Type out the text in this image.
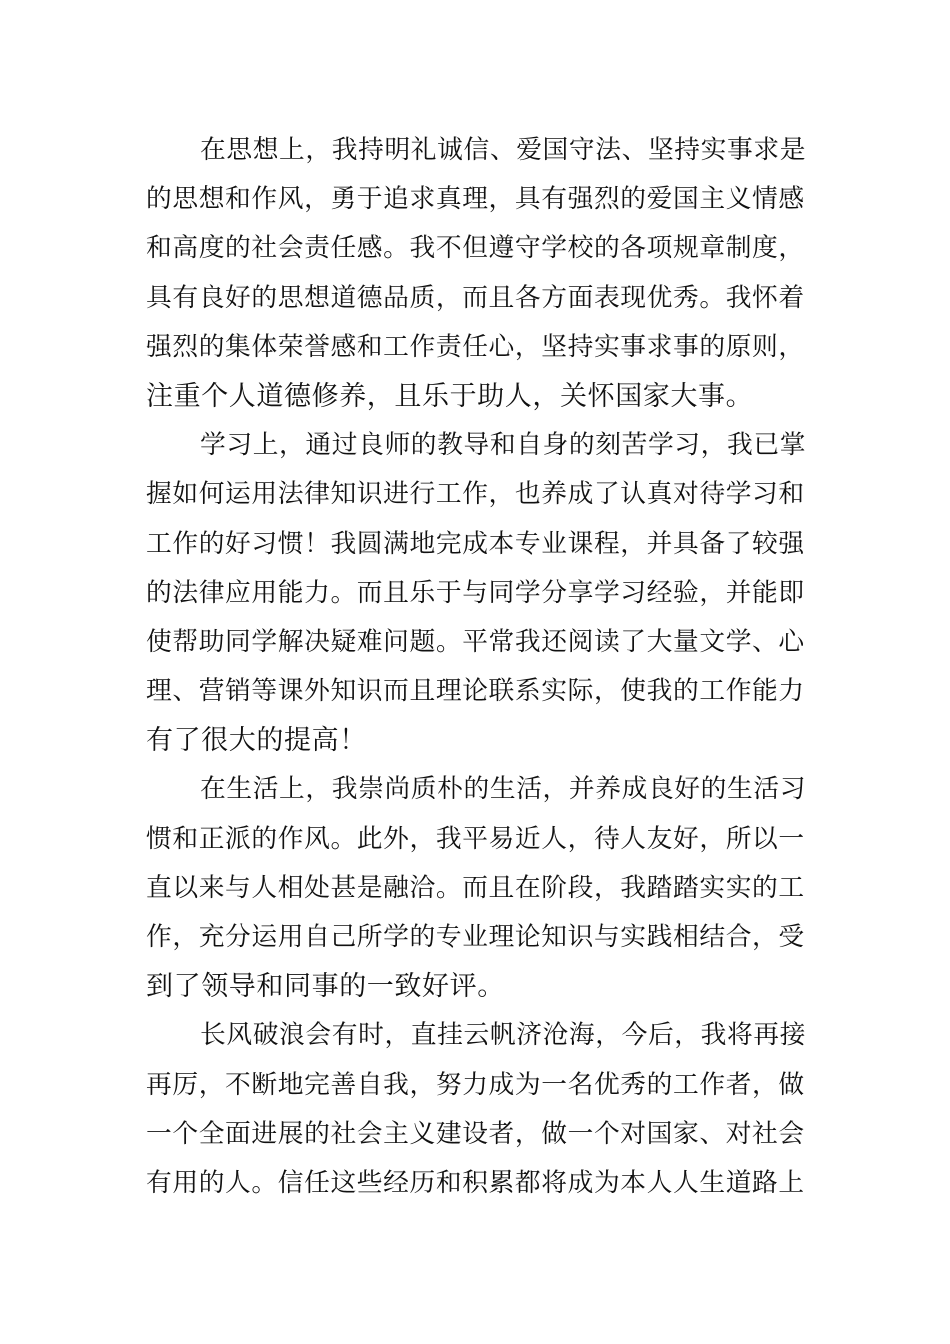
在思想上，我持明礼诚信、爱国守法、坚持实事求是
的思想和作风，勇于追求真理，具有强烈的爱国主义情感
和高度的社会责任感。我不但遵守学校的各项规章制度，
具有良好的思想道德品质，而且各方面表现优秀。我怀着
强烈的集体荣誉感和工作责任心，坚持实事求事的原则，
注重个人道德修养，且乐于助人，关怀国家大事。
学习上，通过良师的教导和自身的刻苦学习，我已掌
握如何运用法律知识进行工作，也养成了认真对待学习和
工作的好习惯！我圆满地完成本专业课程，并具备了较强
的法律应用能力。而且乐于与同学分享学习经验，并能即
使帮助同学解决疑难问题。平常我还阅读了大量文学、心
理、营销等课外知识而且理论联系实际，使我的工作能力
有了很大的提高！
在生活上，我崇尚质朴的生活，并养成良好的生活习
惯和正派的作风。此外，我平易近人，待人友好，所以一
直以来与人相处甚是融洽。而且在阶段，我踏踏实实的工
作，充分运用自己所学的专业理论知识与实践相结合，受
到了领导和同事的一致好评。
长风破浪会有时，直挂云帆济沧海，今后，我将再接
再厉，不断地完善自我，努力成为一名优秀的工作者，做
一个全面进展的社会主义建设者，做一个对国家、对社会
有用的人。信任这些经历和积累都将成为本人人生道路上
